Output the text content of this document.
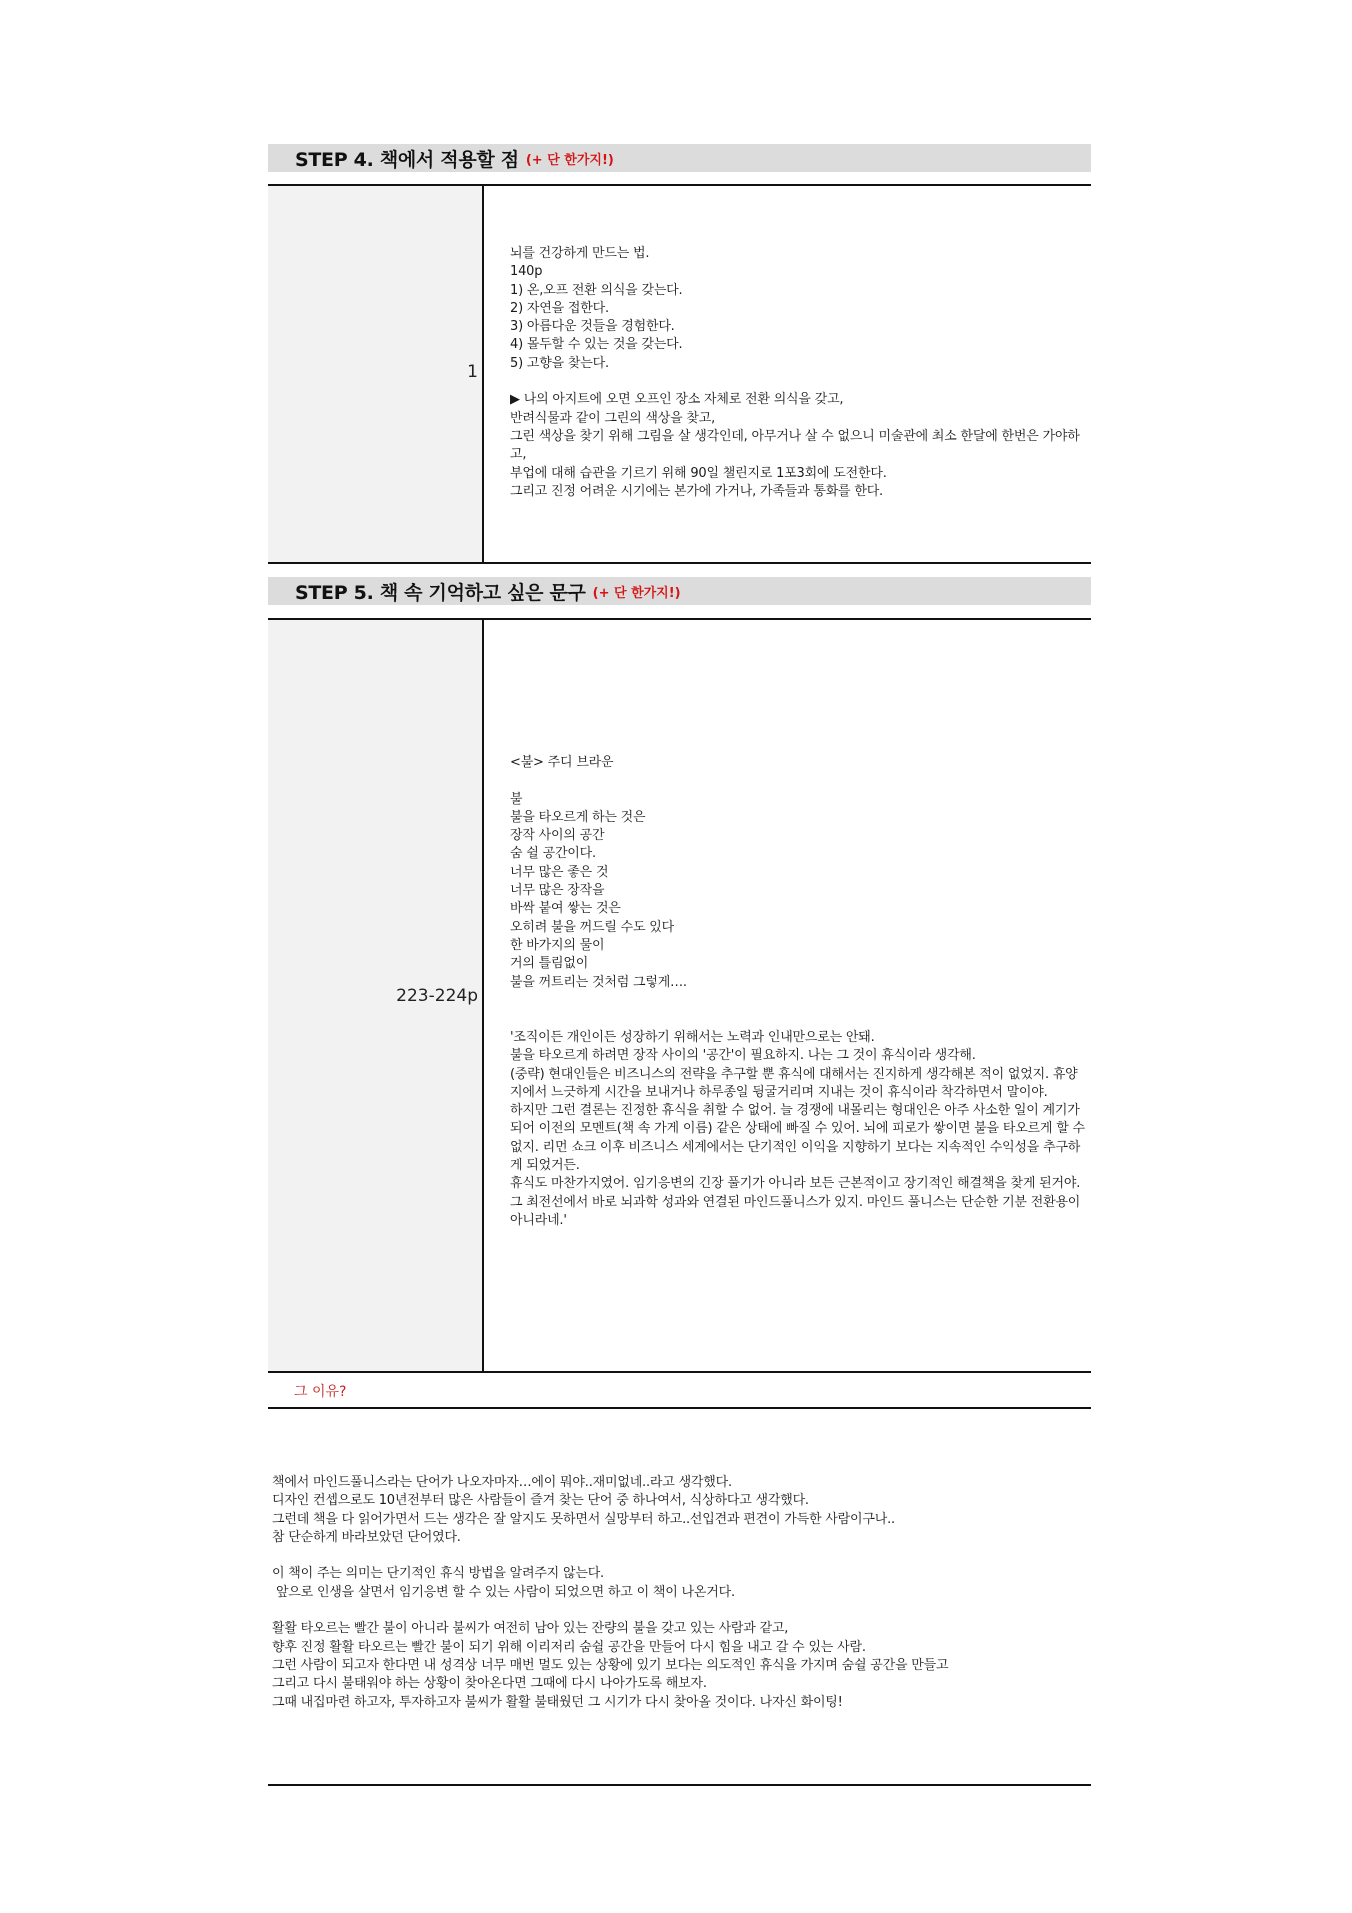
STEP 4. 책에서 적용할 점 (+ 단 한가지!)
1
뇌를 건강하게 만드는 법.
140p
1) 온,오프 전환 의식을 갖는다.
2) 자연을 접한다.
3) 아름다운 것들을 경험한다.
4) 몰두할 수 있는 것을 갖는다.
5) 고향을 찾는다.

▶ 나의 아지트에 오면 오프인 장소 자체로 전환 의식을 갖고,
반려식물과 같이 그린의 색상을 찾고,
그린 색상을 찾기 위해 그림을 살 생각인데, 아무거나 살 수 없으니 미술관에 최소 한달에 한번은 가야하고,
부업에 대해 습관을 기르기 위해 90일 챌린지로 1포3회에 도전한다.
그리고 진정 어려운 시기에는 본가에 가거나, 가족들과 통화를 한다.
STEP 5. 책 속 기억하고 싶은 문구 (+ 단 한가지!)
223-224p
<불> 주디 브라운

불
불을 타오르게 하는 것은
장작 사이의 공간
숨 쉴 공간이다.
너무 많은 좋은 것
너무 많은 장작을
바싹 붙여 쌓는 것은
오히려 불을 꺼드릴 수도 있다
한 바가지의 물이
거의 틀림없이
불을 꺼트리는 것처럼 그렇게….
'조직이든 개인이든 성장하기 위해서는 노력과 인내만으로는 안돼.
불을 타오르게 하려면 장작 사이의 '공간'이 필요하지. 나는 그 것이 휴식이라 생각해.
(중략) 현대인들은 비즈니스의 전략을 추구할 뿐 휴식에 대해서는 진지하게 생각해본 적이 없었지. 휴양지에서 느긋하게 시간을 보내거나 하루종일 뒹굴거리며 지내는 것이 휴식이라 착각하면서 말이야.
하지만 그런 결론는 진정한 휴식을 취할 수 없어. 늘 경쟁에 내몰리는 형대인은 아주 사소한 일이 계기가 되어 이전의 모멘트(책 속 가게 이름) 같은 상태에 빠질 수 있어. 뇌에 피로가 쌓이면 불을 타오르게 할 수 없지. 리먼 쇼크 이후 비즈니스 세계에서는 단기적인 이익을 지향하기 보다는 지속적인 수익성을 추구하게 되었거든.
휴식도 마찬가지였어. 임기응변의 긴장 풀기가 아니라 보든 근본적이고 장기적인 해결책을 찾게 된거야. 그 최전선에서 바로 뇌과학 성과와 연결된 마인드풀니스가 있지. 마인드 풀니스는 단순한 기분 전환용이 아니라네.'
그 이유?
책에서 마인드풀니스라는 단어가 나오자마자…에이 뭐야..재미없네..라고 생각했다.
디자인 컨셉으로도 10년전부터 많은 사람들이 즐겨 찾는 단어 중 하나여서, 식상하다고 생각했다.
그런데 책을 다 읽어가면서 드는 생각은 잘 알지도 못하면서 실망부터 하고..선입견과 편견이 가득한 사람이구나..
참 단순하게 바라보았던 단어였다.

이 책이 주는 의미는 단기적인 휴식 방법을 알려주지 않는다.
앞으로 인생을 살면서 임기응변 할 수 있는 사람이 되었으면 하고 이 책이 나온거다.

활활 타오르는 빨간 불이 아니라 불씨가 여전히 남아 있는 잔량의 불을 갖고 있는 사람과 같고,
향후 진정 활활 타오르는 빨간 불이 되기 위해 이리저리 숨쉴 공간을 만들어 다시 힘을 내고 갈 수 있는 사람.
그런 사람이 되고자 한다면 내 성격상 너무 매번 멀도 있는 상황에 있기 보다는 의도적인 휴식을 가지며 숨쉴 공간을 만들고
그리고 다시 불태워야 하는 상황이 찾아온다면 그때에 다시 나아가도록 해보자.
그때 내집마련 하고자, 투자하고자 불씨가 활활 불태웠던 그 시기가 다시 찾아올 것이다. 나자신 화이팅!
